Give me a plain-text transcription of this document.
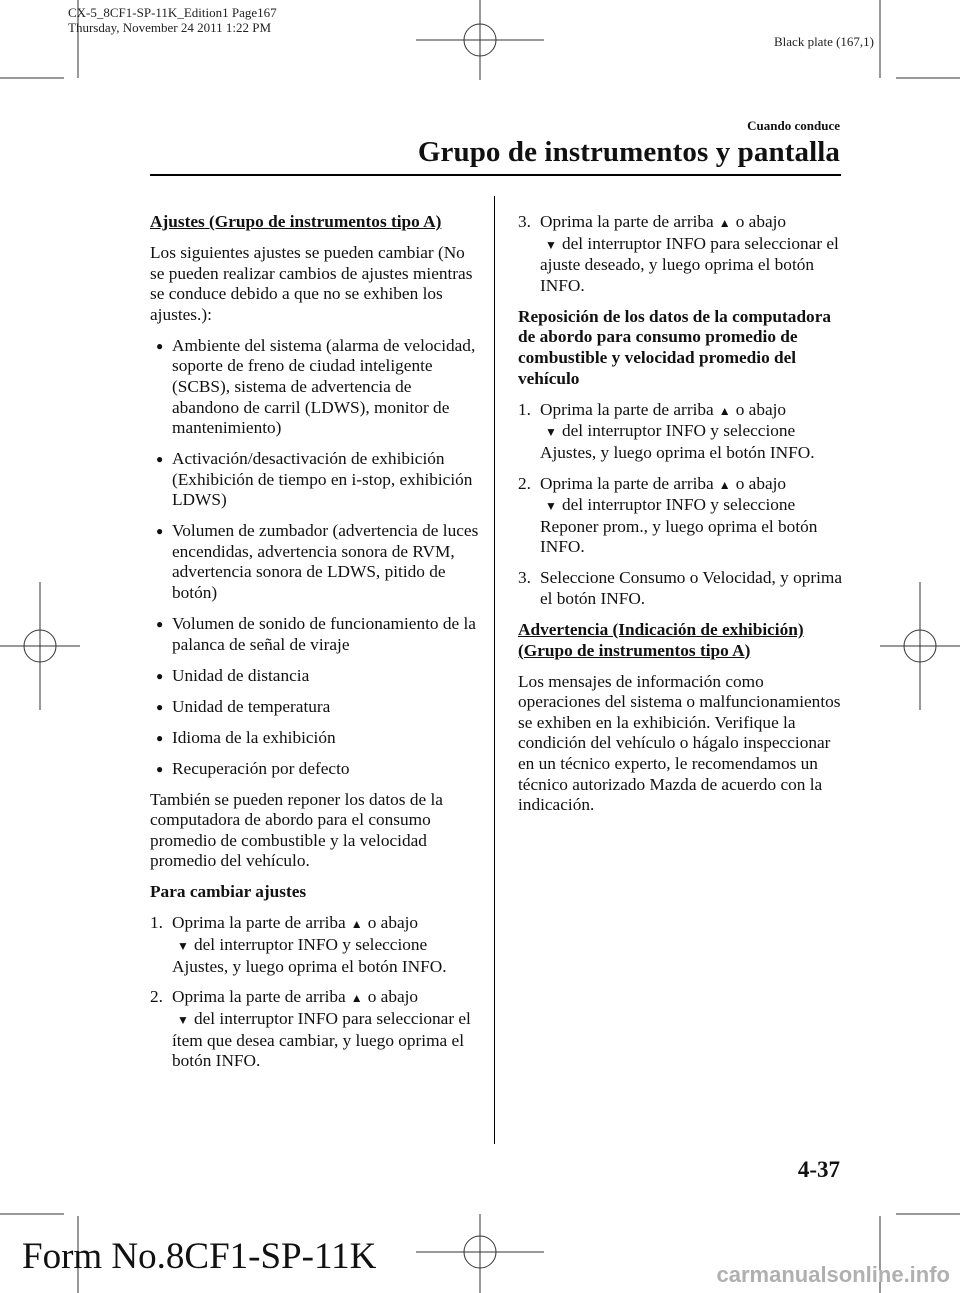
CX-5_8CF1-SP-11K_Edition1 Page167
Thursday, November 24 2011 1:22 PM
Black plate (167,1)
Cuando conduce
Grupo de instrumentos y pantalla

Ajustes (Grupo de instrumentos tipo A)

Los siguientes ajustes se pueden cambiar (No se pueden realizar cambios de ajustes mientras se conduce debido a que no se exhiben los ajustes.):

● Ambiente del sistema (alarma de velocidad, soporte de freno de ciudad inteligente (SCBS), sistema de advertencia de abandono de carril (LDWS), monitor de mantenimiento)
● Activación/desactivación de exhibición (Exhibición de tiempo en i-stop, exhibición LDWS)
● Volumen de zumbador (advertencia de luces encendidas, advertencia sonora de RVM, advertencia sonora de LDWS, pitido de botón)
● Volumen de sonido de funcionamiento de la palanca de señal de viraje
● Unidad de distancia
● Unidad de temperatura
● Idioma de la exhibición
● Recuperación por defecto

También se pueden reponer los datos de la computadora de abordo para el consumo promedio de combustible y la velocidad promedio del vehículo.

Para cambiar ajustes

1. Oprima la parte de arriba ▲ o abajo
▼ del interruptor INFO y seleccione Ajustes, y luego oprima el botón INFO.
2. Oprima la parte de arriba ▲ o abajo
▼ del interruptor INFO para seleccionar el ítem que desea cambiar, y luego oprima el botón INFO.
3. Oprima la parte de arriba ▲ o abajo
▼ del interruptor INFO para seleccionar el ajuste deseado, y luego oprima el botón INFO.

Reposición de los datos de la computadora de abordo para consumo promedio de combustible y velocidad promedio del vehículo

1. Oprima la parte de arriba ▲ o abajo
▼ del interruptor INFO y seleccione Ajustes, y luego oprima el botón INFO.
2. Oprima la parte de arriba ▲ o abajo
▼ del interruptor INFO y seleccione Reponer prom., y luego oprima el botón INFO.
3. Seleccione Consumo o Velocidad, y oprima el botón INFO.

Advertencia (Indicación de exhibición) (Grupo de instrumentos tipo A)

Los mensajes de información como operaciones del sistema o malfuncionamientos se exhiben en la exhibición. Verifique la condición del vehículo o hágalo inspeccionar en un técnico experto, le recomendamos un técnico autorizado Mazda de acuerdo con la indicación.

4-37
Form No.8CF1-SP-11K	carmanualsonline.info
